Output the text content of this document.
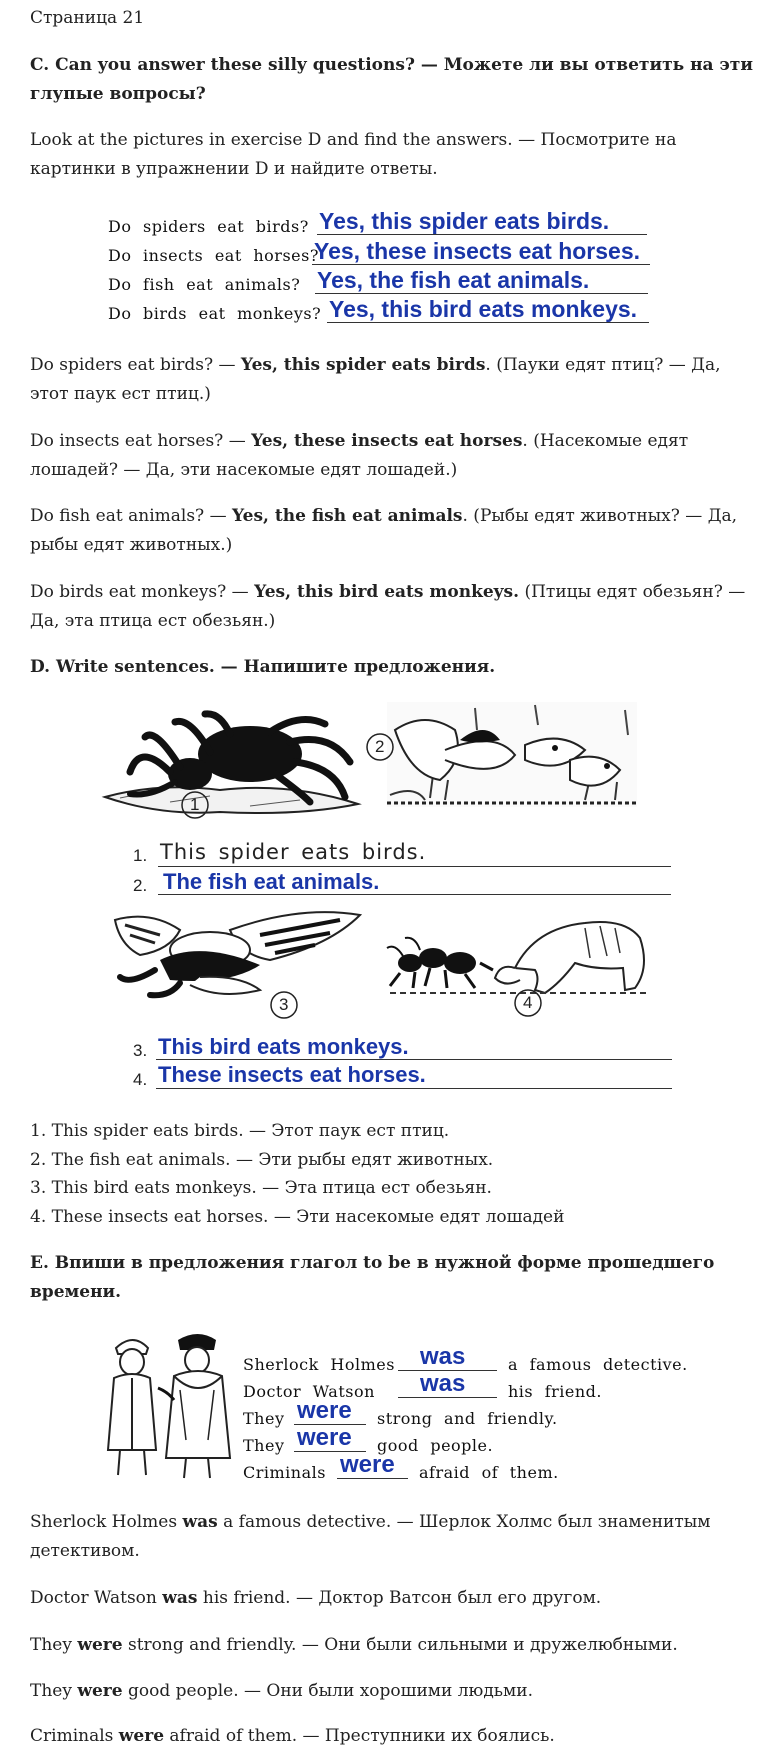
Страница 21

C. Can you answer these silly questions? — Можете ли вы ответить на эти глупые вопросы?

Look at the pictures in exercise D and find the answers. — Посмотрите на картинки в упражнении D и найдите ответы.

Do spiders eat birds? Yes, this spider eats birds.
Do insects eat horses?
Yes, these insects eat horses.
Do fish eat animals? Yes, the fish eat animals.
Do birds eat monkeys? Yes, this bird eats monkeys.

Do spiders eat birds? — Yes, this spider eats birds. (Пауки едят птиц? — Да, этот паук ест птиц.)

Do insects eat horses? — Yes, these insects eat horses. (Насекомые едят лошадей? — Да, эти насекомые едят лошадей.)

Do fish eat animals? — Yes, the fish eat animals. (Рыбы едят животных? — Да, рыбы едят животных.)

Do birds eat monkeys? — Yes, this bird eats monkeys. (Птицы едят обезьян? — Да, эта птица ест обезьян.)

D. Write sentences. — Напишите предложения.

1
2
1. This spider eats birds.
2. The fish eat animals.
3	4
3. This bird eats monkeys.
4. These insects eat horses.

1. This spider eats birds. — Этот паук ест птиц.

2. The fish eat animals. — Эти рыбы едят животных.

3. This bird eats monkeys. — Эта птица ест обезьян.

4. These insects eat horses. — Эти насекомые едят лошадей

E. Впиши в предложения глагол to be в нужной форме прошедшего времени.

Sherlock Holmes was	a famous detective.
Doctor Watson was	his friend.
They were strong and friendly.
They were good people.
Criminals were afraid of them.

Sherlock Holmes was a famous detective. — Шерлок Холмс был знаменитым детективом.

Doctor Watson was his friend. — Доктор Ватсон был его другом.

They were strong and friendly. — Они были сильными и дружелюбными.

They were good people. — Они были хорошими людьми.

Criminals were afraid of them. — Преступники их боялись.
